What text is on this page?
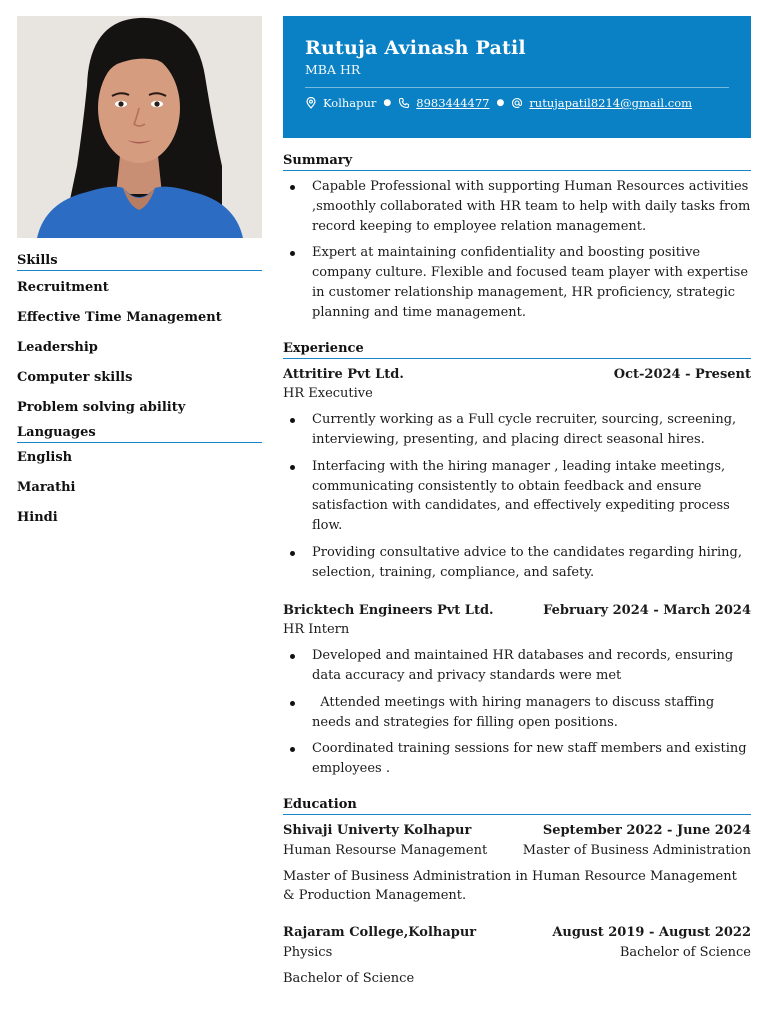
Skills
Recruitment
Effective Time Management
Leadership
Computer skills
Problem solving ability
Languages
English
Marathi
Hindi
Rutuja Avinash Patil
MBA HR
Kolhapur ● 8983444477 ● rutujapatil8214@gmail.com
Summary
Capable Professional with supporting Human Resources activities ,smoothly collaborated with HR team to help with daily tasks from record keeping to employee relation management.
Expert at maintaining confidentiality and boosting positive company culture. Flexible and focused team player with expertise in customer relationship management, HR proficiency, strategic planning and time management.
Experience
Attritire Pvt Ltd.	Oct-2024 - Present
HR Executive
Currently working as a Full cycle recruiter, sourcing, screening, interviewing, presenting, and placing direct seasonal hires.
Interfacing with the hiring manager , leading intake meetings, communicating consistently to obtain feedback and ensure satisfaction with candidates, and effectively expediting process flow.
Providing consultative advice to the candidates regarding hiring, selection, training, compliance, and safety.
Bricktech Engineers Pvt Ltd.	February 2024 - March 2024
HR Intern
Developed and maintained HR databases and records, ensuring data accuracy and privacy standards were met
Attended meetings with hiring managers to discuss staffing needs and strategies for filling open positions.
Coordinated training sessions for new staff members and existing employees .
Education
Shivaji Univerty Kolhapur	September 2022 - June 2024
Human Resourse Management	Master of Business Administration
Master of Business Administration in Human Resource Management & Production Management.
Rajaram College,Kolhapur	August 2019 - August 2022
Physics	Bachelor of Science
Bachelor of Science
